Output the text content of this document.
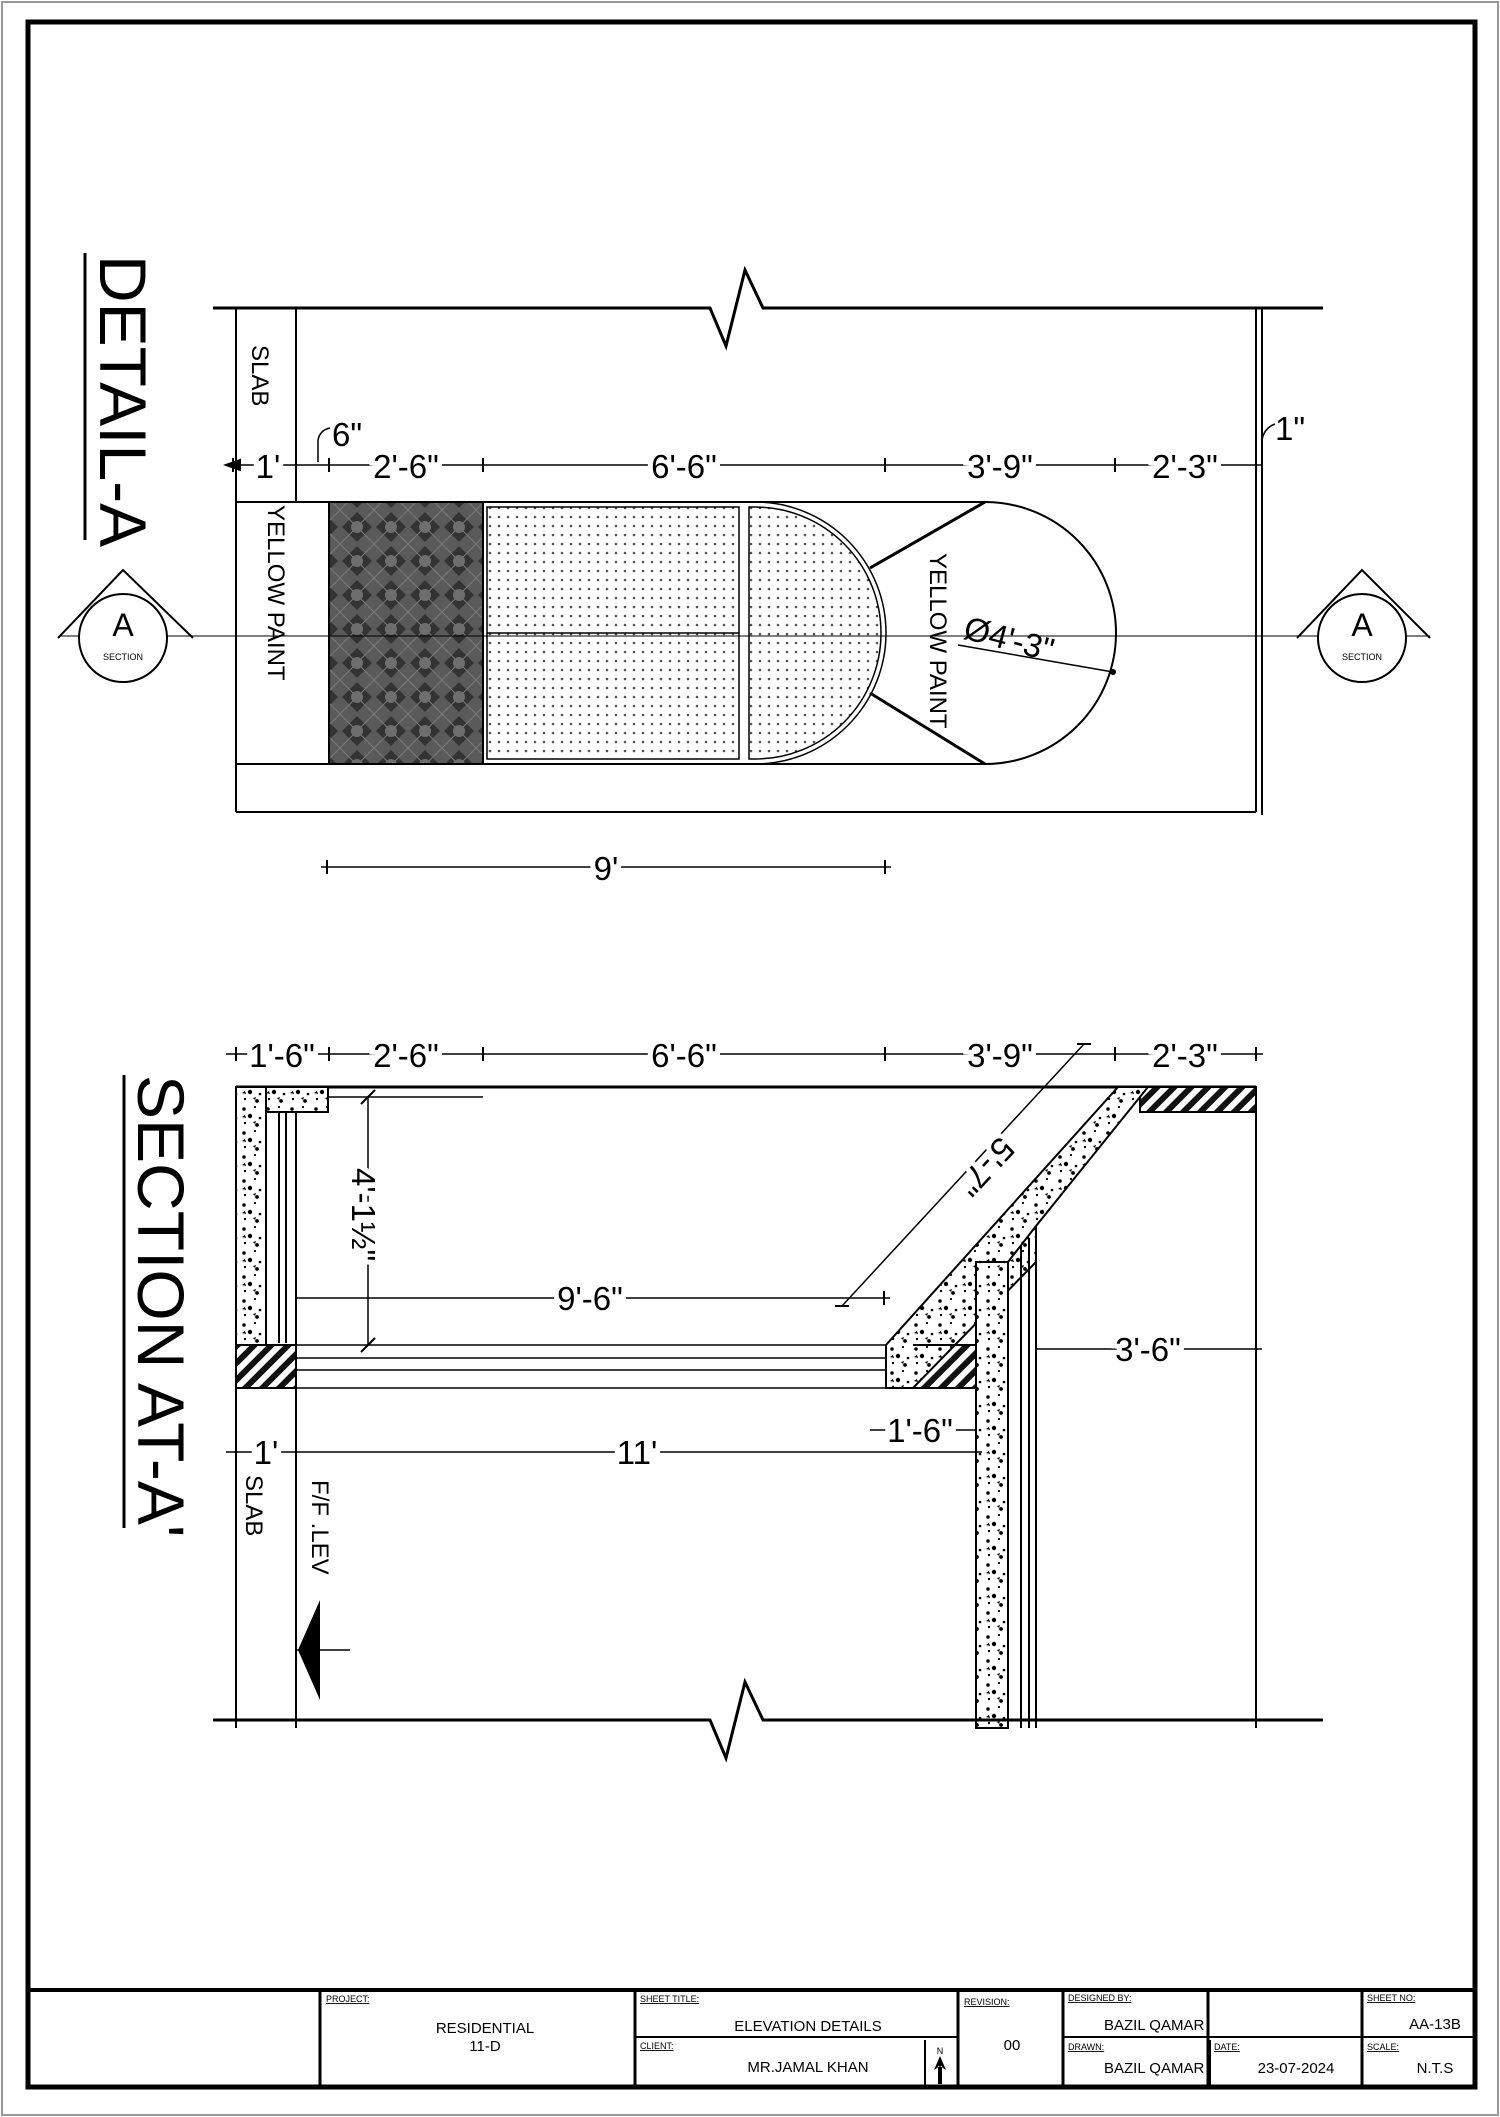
DETAIL-A	SLAB
YELLOW PAINT	YELLOW PAINT Ø4'-3"
1'	2'-6"	6'-6"	3'-9"	2'-3"
6"	1"
9'
A
SECTION
A
SECTION
SECTION AT-A'
1'-6" 2'-6"	6'-6"	3'-9"	2'-3"
4'-1½"
5'-7"
9'-6"
3'-6"
1'-6"
11'
1'
SLAB F/F .LEV
PROJECT:
RESIDENTIAL
11-D
SHEET TITLE:
ELEVATION DETAILS
CLIENT:
MR.JAMAL KHAN
N
REVISION:
00
DESIGNED BY:
BAZIL QAMAR
DRAWN:
BAZIL QAMAR
DATE:
23-07-2024
SHEET NO:
AA-13B
SCALE:
N.T.S
